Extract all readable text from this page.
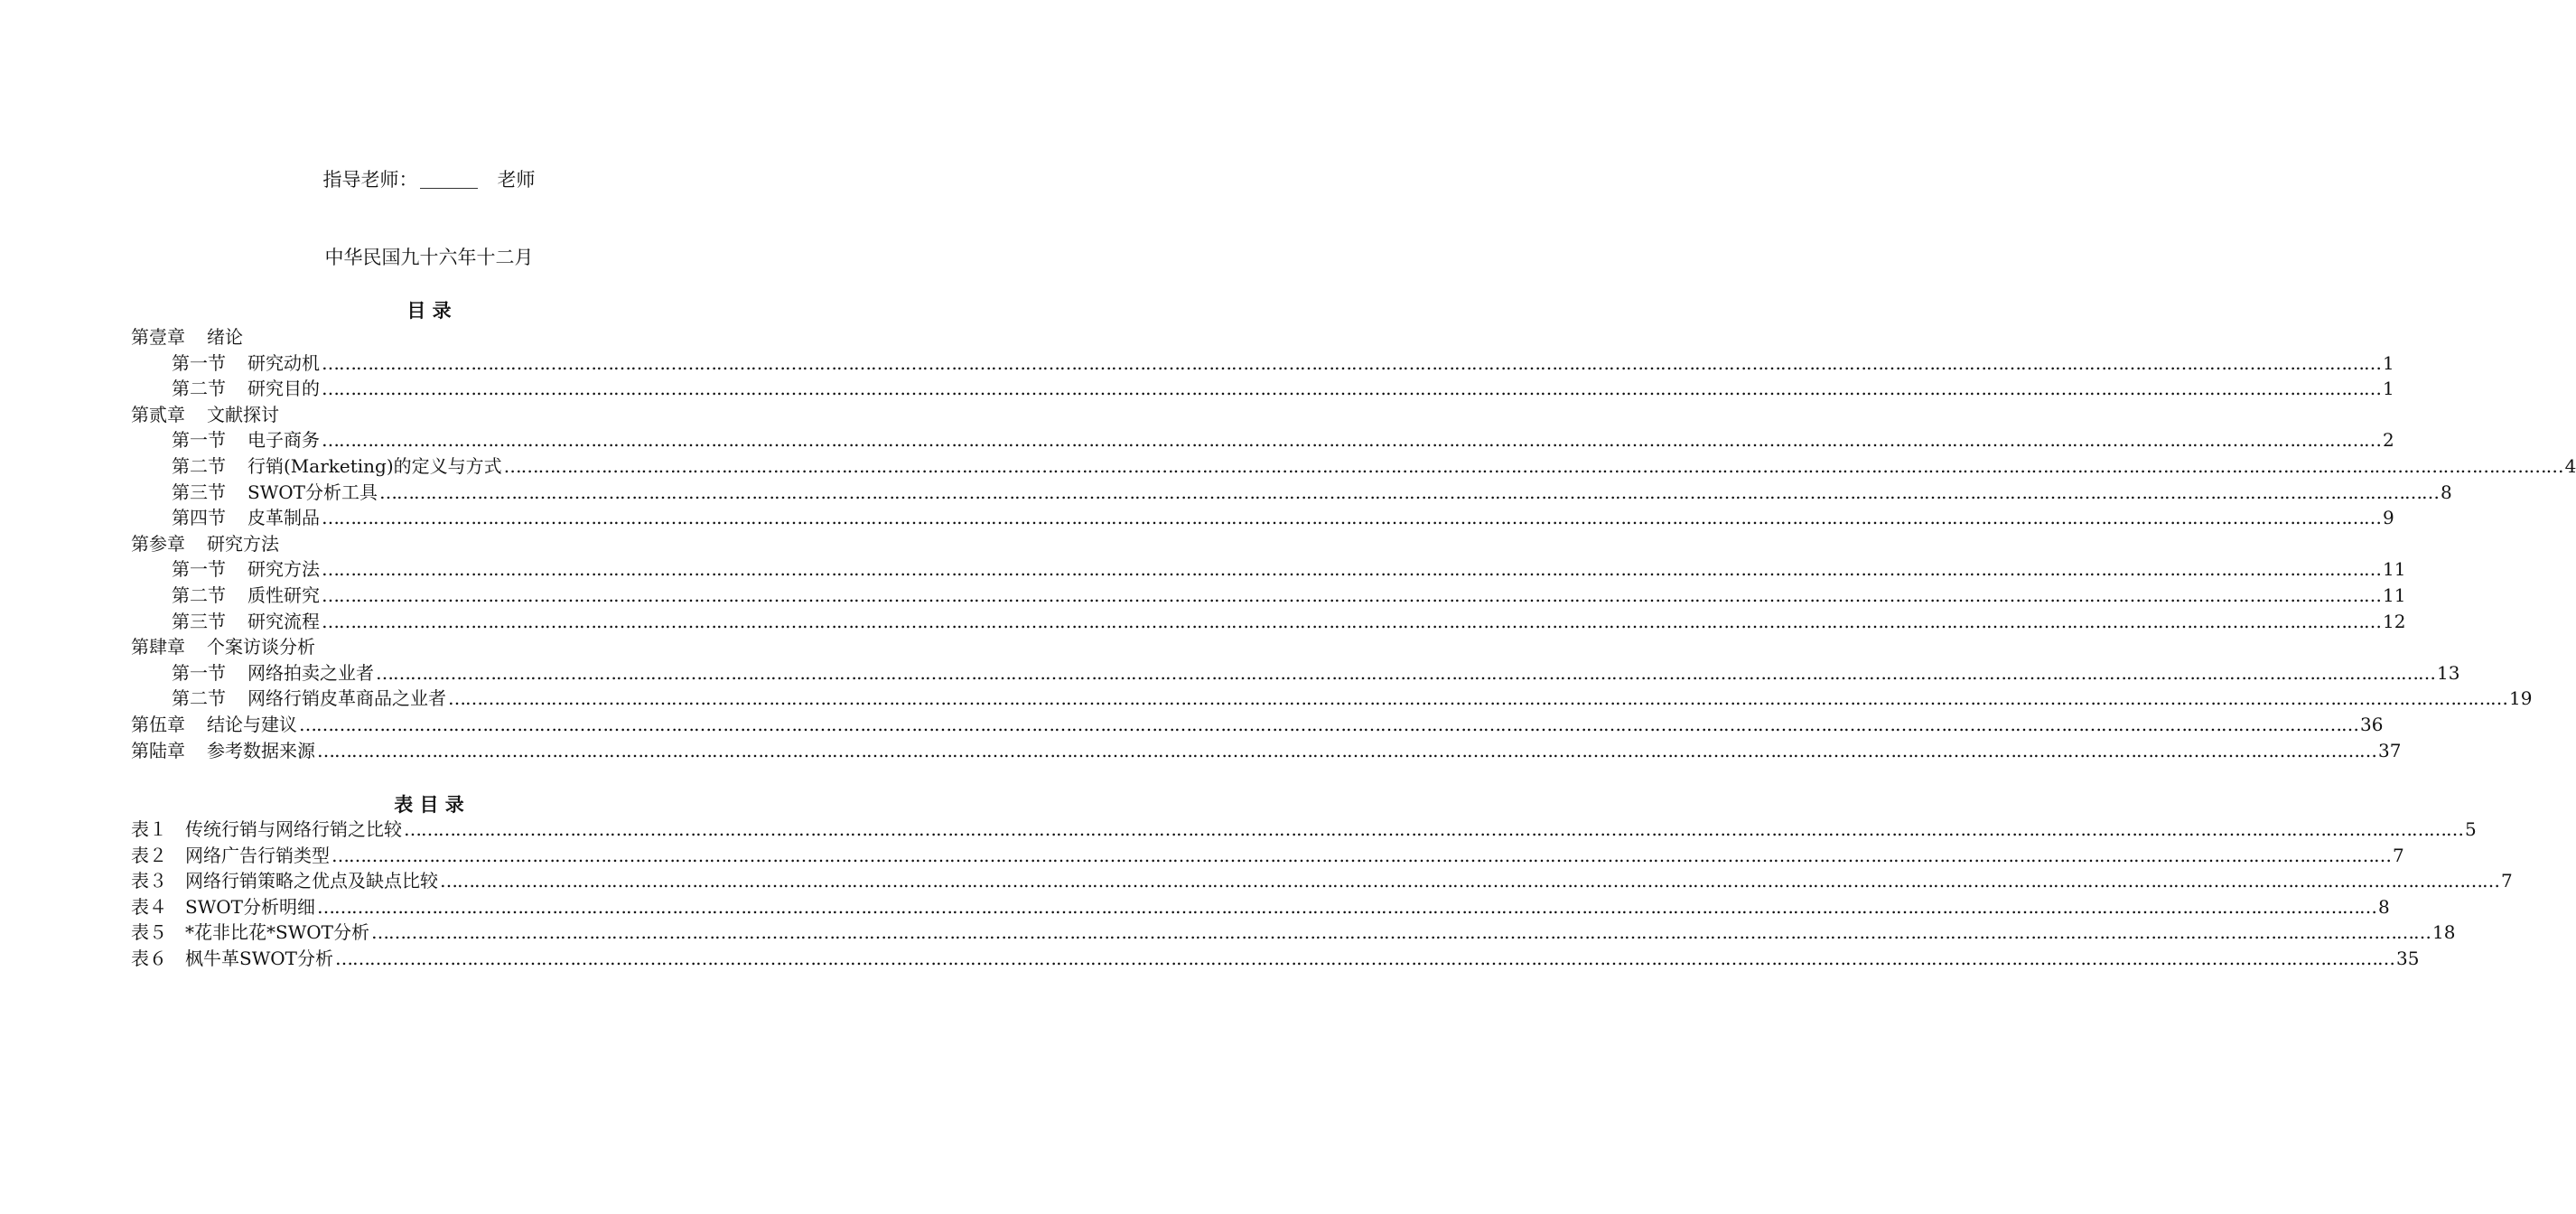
指导老师：	老师
中华民国九十六年十二月
目 录
第壹章 绪论
第一节 研究动机 ……………………………………………………………………………………………………………………………………………………………………………………………………………………………………………………………………………………………………………………………… 1
第二节 研究目的 ……………………………………………………………………………………………………………………………………………………………………………………………………………………………………………………………………………………………………………………………… 1
第贰章 文献探讨
第一节 电子商务 ……………………………………………………………………………………………………………………………………………………………………………………………………………………………………………………………………………………………………………………………… 2
第二节 行销(Marketing)的定义与方式 ……………………………………………………………………………………………………………………………………………………………………………………………………………………………………………………………………………………………………………………………… 4
第三节 SWOT分析工具 ……………………………………………………………………………………………………………………………………………………………………………………………………………………………………………………………………………………………………………………………… 8
第四节 皮革制品 ……………………………………………………………………………………………………………………………………………………………………………………………………………………………………………………………………………………………………………………………… 9
第参章 研究方法
第一节 研究方法 ……………………………………………………………………………………………………………………………………………………………………………………………………………………………………………………………………………………………………………………………… 11
第二节 质性研究 ……………………………………………………………………………………………………………………………………………………………………………………………………………………………………………………………………………………………………………………………… 11
第三节 研究流程 ……………………………………………………………………………………………………………………………………………………………………………………………………………………………………………………………………………………………………………………………… 12
第肆章 个案访谈分析
第一节 网络拍卖之业者 ……………………………………………………………………………………………………………………………………………………………………………………………………………………………………………………………………………………………………………………………… 13
第二节 网络行销皮革商品之业者 ……………………………………………………………………………………………………………………………………………………………………………………………………………………………………………………………………………………………………………………………… 19
第伍章 结论与建议 ……………………………………………………………………………………………………………………………………………………………………………………………………………………………………………………………………………………………………………………………… 36
第陆章 参考数据来源 ……………………………………………………………………………………………………………………………………………………………………………………………………………………………………………………………………………………………………………………………… 37
表 目 录
表１ 传统行销与网络行销之比较 ……………………………………………………………………………………………………………………………………………………………………………………………………………………………………………………………………………………………………………………………… 5
表２ 网络广告行销类型 ……………………………………………………………………………………………………………………………………………………………………………………………………………………………………………………………………………………………………………………………… 7
表３ 网络行销策略之优点及缺点比较 ……………………………………………………………………………………………………………………………………………………………………………………………………………………………………………………………………………………………………………………………… 7
表４ SWOT分析明细 ……………………………………………………………………………………………………………………………………………………………………………………………………………………………………………………………………………………………………………………………… 8
表５ *花非比花*SWOT分析 ……………………………………………………………………………………………………………………………………………………………………………………………………………………………………………………………………………………………………………………………… 18
表６ 枫牛革SWOT分析 ……………………………………………………………………………………………………………………………………………………………………………………………………………………………………………………………………………………………………………………………… 35
